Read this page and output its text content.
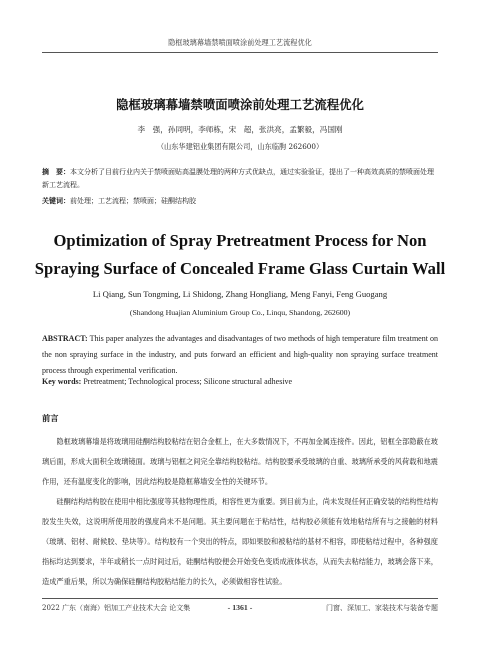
隐框玻璃幕墙禁喷面喷涂前处理工艺流程优化
隐框玻璃幕墙禁喷面喷涂前处理工艺流程优化
李　强，孙同明，李师栋，宋　超，张洪亮，孟繁毅，冯国刚
（山东华建铝业集团有限公司，山东临朐 262600）
摘　要：本文分析了目前行业内关于禁喷面贴高温膜处理的两种方式优缺点，通过实验验证，提出了一种高效高质的禁喷面处理新工艺流程。
关键词：前处理；工艺流程；禁喷面；硅酮结构胶
Optimization of Spray Pretreatment Process for Non Spraying Surface of Concealed Frame Glass Curtain Wall
Li Qiang, Sun Tongming, Li Shidong, Zhang Hongliang, Meng Fanyi, Feng Guogang
(Shandong Huajian Aluminium Group Co., Linqu, Shandong, 262600)
ABSTRACT: This paper analyzes the advantages and disadvantages of two methods of high temperature film treatment on the non spraying surface in the industry, and puts forward an efficient and high-quality non spraying surface treatment process through experimental verification.
Key words: Pretreatment; Technological process; Silicone structural adhesive
前言

隐框玻璃幕墙是将玻璃用硅酮结构胶粘结在铝合金框上，在大多数情况下，不再加金属连接件。因此，铝框全部隐蔽在玻璃后面，形成大面积全玻璃镜面。玻璃与铝框之间完全靠结构胶粘结。结构胶要承受玻璃的自重、玻璃所承受的风荷载和地震作用，还有温度变化的影响，因此结构胶是隐框幕墙安全性的关键环节。

硅酮结构结构胶在使用中相比强度等其他物理性质，相容性更为重要。到目前为止，尚未发现任何正确安装的结构性结构胶发生失效，这说明所使用胶的强度尚未不是问题。其主要问题在于粘结性，结构胶必须能有效地粘结所有与之接触的材料（玻璃、铝材、耐候胶、垫块等）。结构胶有一个突出的特点，即如果胶和被粘结的基材不相容，即使粘结过程中，各种强度指标均达到要求，半年或稍长一点时间过后，硅酮结构胶便会开始变色变质成液体状态，从而失去粘结能力，玻璃会落下来，造成严重后果，所以为确保硅酮结构胶粘结能力的长久，必须做相容性试验。

2022 广东（南海）铝加工产业技术大会 论文集	- 1361 -	门窗、深加工、家装技术与装备专题
